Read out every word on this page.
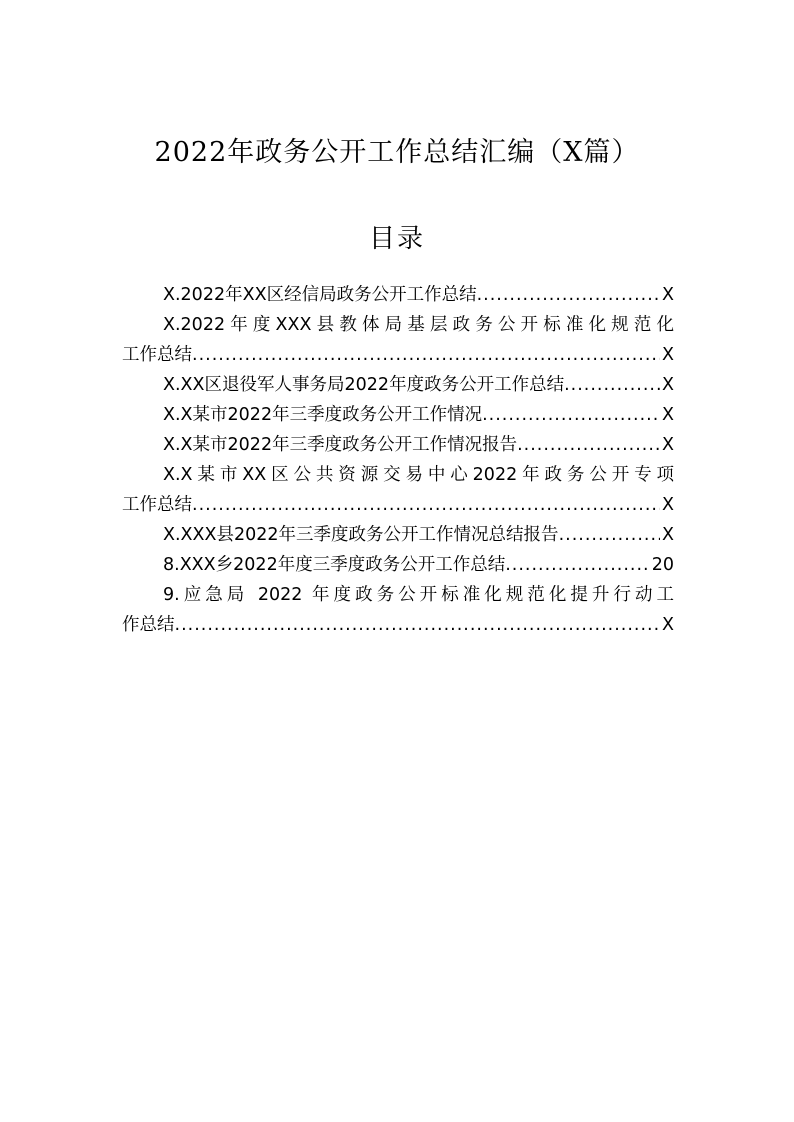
2022年政务公开工作总结汇编（X篇）
目录
X.2022年XX区经信局政务公开工作总结 .....	X
X.2022年度XXX县教体局基层政务公开标准化规范化
工作总结 .....	X
X.XX区退役军人事务局2022年度政务公开工作总结 .....	X
X.X某市2022年三季度政务公开工作情况 .....	X
X.X某市2022年三季度政务公开工作情况报告 .....	X
X.X某市XX区公共资源交易中心2022年政务公开专项
工作总结 .....	X
X.XXX县2022年三季度政务公开工作情况总结报告 .....	X
8.XXX乡2022年度三季度政务公开工作总结 .....	20
9.应急局 2022 年度政务公开标准化规范化提升行动工
作总结 .....	X
